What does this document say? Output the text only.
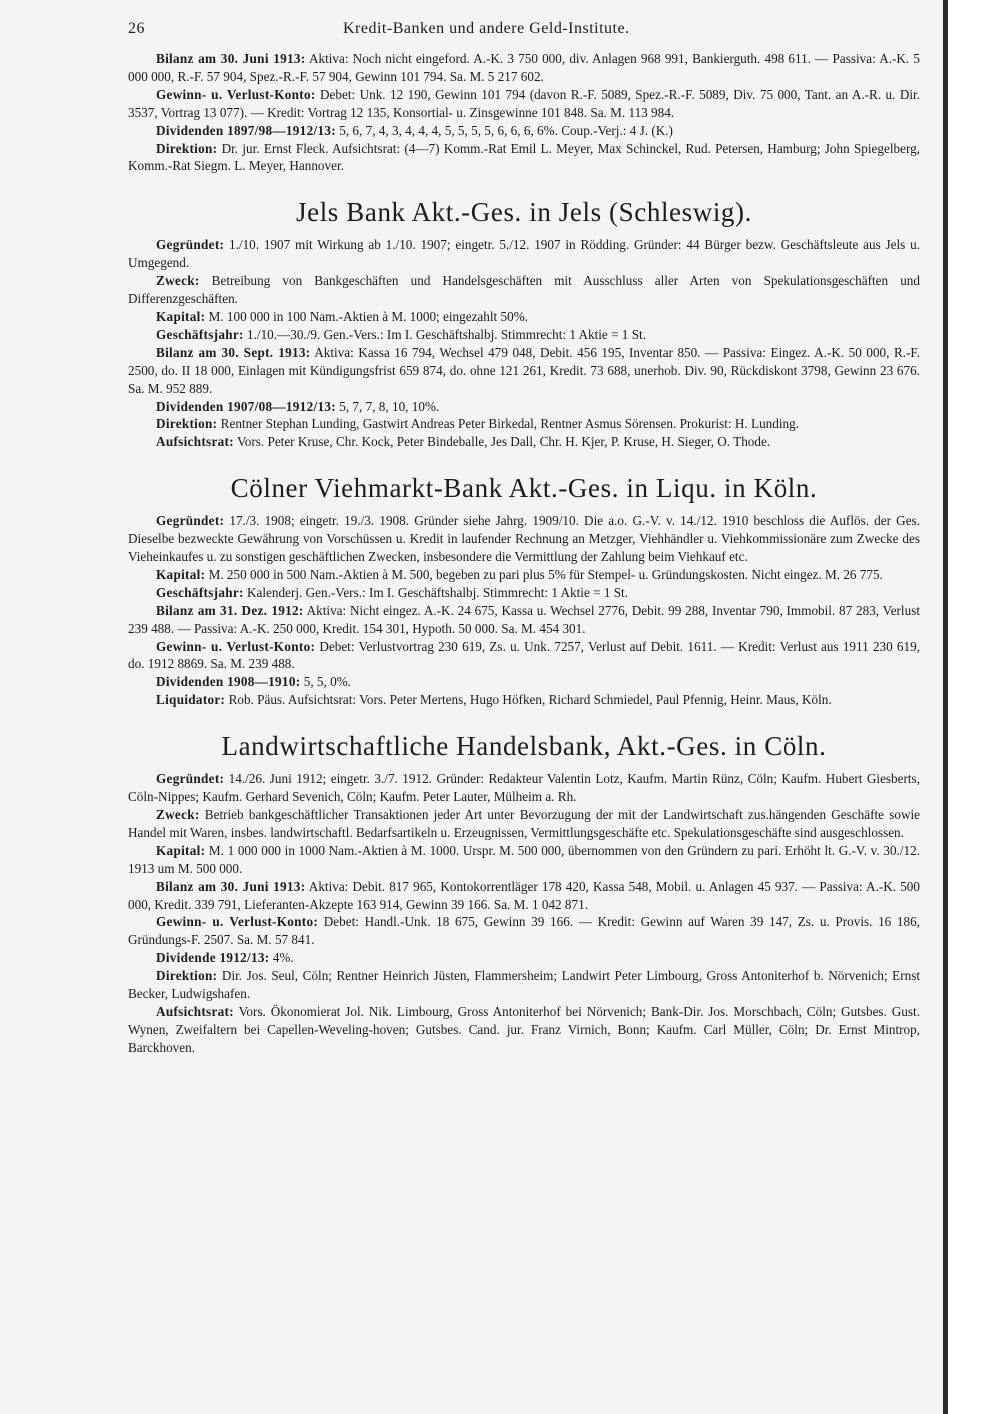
26	Kredit-Banken und andere Geld-Institute.

Bilanz am 30. Juni 1913: Aktiva: Noch nicht eingeford. A.-K. 3 750 000, div. Anlagen 968 991, Bankierguth. 498 611. — Passiva: A.-K. 5 000 000, R.-F. 57 904, Spez.-R.-F. 57 904, Gewinn 101 794. Sa. M. 5 217 602.

Gewinn- u. Verlust-Konto: Debet: Unk. 12 190, Gewinn 101 794 (davon R.-F. 5089, Spez.-R.-F. 5089, Div. 75 000, Tant. an A.-R. u. Dir. 3537, Vortrag 13 077). — Kredit: Vortrag 12 135, Konsortial- u. Zinsgewinne 101 848. Sa. M. 113 984.

Dividenden 1897/98—1912/13: 5, 6, 7, 4, 3, 4, 4, 4, 5, 5, 5, 5, 6, 6, 6, 6%. Coup.-Verj.: 4 J. (K.)

Direktion: Dr. jur. Ernst Fleck. Aufsichtsrat: (4—7) Komm.-Rat Emil L. Meyer, Max Schinckel, Rud. Petersen, Hamburg; John Spiegelberg, Komm.-Rat Siegm. L. Meyer, Hannover.

Jels Bank Akt.-Ges. in Jels (Schleswig).

Gegründet: 1./10. 1907 mit Wirkung ab 1./10. 1907; eingetr. 5./12. 1907 in Rödding. Gründer: 44 Bürger bezw. Geschäftsleute aus Jels u. Umgegend.

Zweck: Betreibung von Bankgeschäften und Handelsgeschäften mit Ausschluss aller Arten von Spekulationsgeschäften und Differenzgeschäften.

Kapital: M. 100 000 in 100 Nam.-Aktien à M. 1000; eingezahlt 50%.

Geschäftsjahr: 1./10.—30./9. Gen.-Vers.: Im I. Geschäftshalbj. Stimmrecht: 1 Aktie = 1 St.

Bilanz am 30. Sept. 1913: Aktiva: Kassa 16 794, Wechsel 479 048, Debit. 456 195, Inventar 850. — Passiva: Eingez. A.-K. 50 000, R.-F. 2500, do. II 18 000, Einlagen mit Kündigungsfrist 659 874, do. ohne 121 261, Kredit. 73 688, unerhob. Div. 90, Rückdiskont 3798, Gewinn 23 676. Sa. M. 952 889.

Dividenden 1907/08—1912/13: 5, 7, 7, 8, 10, 10%.

Direktion: Rentner Stephan Lunding, Gastwirt Andreas Peter Birkedal, Rentner Asmus Sörensen. Prokurist: H. Lunding.

Aufsichtsrat: Vors. Peter Kruse, Chr. Kock, Peter Bindeballe, Jes Dall, Chr. H. Kjer, P. Kruse, H. Sieger, O. Thode.

Cölner Viehmarkt-Bank Akt.-Ges. in Liqu. in Köln.

Gegründet: 17./3. 1908; eingetr. 19./3. 1908. Gründer siehe Jahrg. 1909/10. Die a.o. G.-V. v. 14./12. 1910 beschloss die Auflös. der Ges. Dieselbe bezweckte Gewährung von Vorschüssen u. Kredit in laufender Rechnung an Metzger, Viehhändler u. Viehkommissionäre zum Zwecke des Vieheinkaufes u. zu sonstigen geschäftlichen Zwecken, insbesondere die Vermittlung der Zahlung beim Viehkauf etc.

Kapital: M. 250 000 in 500 Nam.-Aktien à M. 500, begeben zu pari plus 5% für Stempel- u. Gründungskosten. Nicht eingez. M. 26 775.

Geschäftsjahr: Kalenderj. Gen.-Vers.: Im I. Geschäftshalbj. Stimmrecht: 1 Aktie = 1 St.

Bilanz am 31. Dez. 1912: Aktiva: Nicht eingez. A.-K. 24 675, Kassa u. Wechsel 2776, Debit. 99 288, Inventar 790, Immobil. 87 283, Verlust 239 488. — Passiva: A.-K. 250 000, Kredit. 154 301, Hypoth. 50 000. Sa. M. 454 301.

Gewinn- u. Verlust-Konto: Debet: Verlustvortrag 230 619, Zs. u. Unk. 7257, Verlust auf Debit. 1611. — Kredit: Verlust aus 1911 230 619, do. 1912 8869. Sa. M. 239 488.

Dividenden 1908—1910: 5, 5, 0%.

Liquidator: Rob. Päus. Aufsichtsrat: Vors. Peter Mertens, Hugo Höfken, Richard Schmiedel, Paul Pfennig, Heinr. Maus, Köln.

Landwirtschaftliche Handelsbank, Akt.-Ges. in Cöln.

Gegründet: 14./26. Juni 1912; eingetr. 3./7. 1912. Gründer: Redakteur Valentin Lotz, Kaufm. Martin Rünz, Cöln; Kaufm. Hubert Giesberts, Cöln-Nippes; Kaufm. Gerhard Sevenich, Cöln; Kaufm. Peter Lauter, Mülheim a. Rh.

Zweck: Betrieb bankgeschäftlicher Transaktionen jeder Art unter Bevorzugung der mit der Landwirtschaft zus.hängenden Geschäfte sowie Handel mit Waren, insbes. landwirtschaftl. Bedarfsartikeln u. Erzeugnissen, Vermittlungsgeschäfte etc. Spekulationsgeschäfte sind ausgeschlossen.

Kapital: M. 1 000 000 in 1000 Nam.-Aktien à M. 1000. Urspr. M. 500 000, übernommen von den Gründern zu pari. Erhöht lt. G.-V. v. 30./12. 1913 um M. 500 000.

Bilanz am 30. Juni 1913: Aktiva: Debit. 817 965, Kontokorrentläger 178 420, Kassa 548, Mobil. u. Anlagen 45 937. — Passiva: A.-K. 500 000, Kredit. 339 791, Lieferanten-Akzepte 163 914, Gewinn 39 166. Sa. M. 1 042 871.

Gewinn- u. Verlust-Konto: Debet: Handl.-Unk. 18 675, Gewinn 39 166. — Kredit: Gewinn auf Waren 39 147, Zs. u. Provis. 16 186, Gründungs-F. 2507. Sa. M. 57 841.

Dividende 1912/13: 4%.

Direktion: Dir. Jos. Seul, Cöln; Rentner Heinrich Jüsten, Flammersheim; Landwirt Peter Limbourg, Gross Antoniterhof b. Nörvenich; Ernst Becker, Ludwigshafen.

Aufsichtsrat: Vors. Ökonomierat Jol. Nik. Limbourg, Gross Antoniterhof bei Nörvenich; Bank-Dir. Jos. Morschbach, Cöln; Gutsbes. Gust. Wynen, Zweifaltern bei Capellen-Weveling-hoven; Gutsbes. Cand. jur. Franz Virnich, Bonn; Kaufm. Carl Müller, Cöln; Dr. Ernst Mintrop, Barckhoven.
